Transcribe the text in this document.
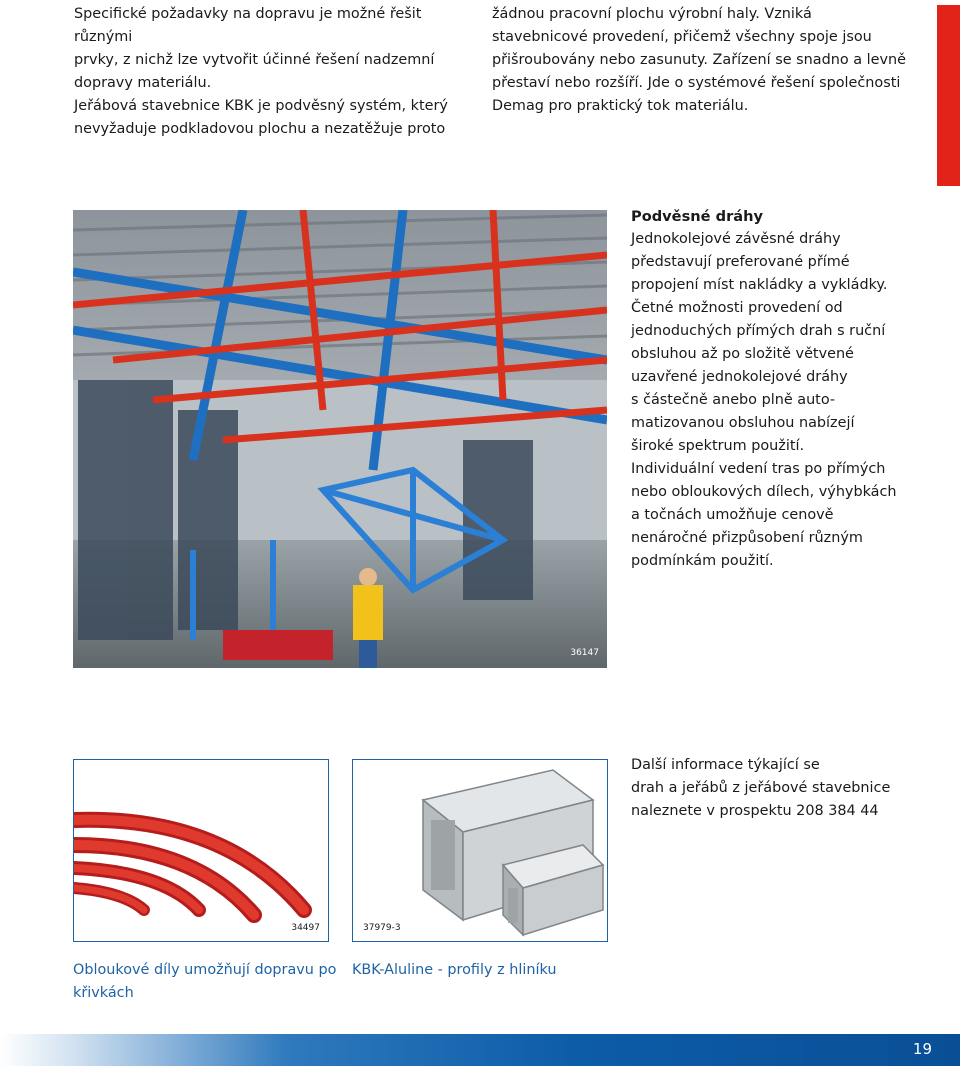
Specifické požadavky na dopravu je možné řešit různými
prvky, z nichž lze vytvořit účinné řešení nadzemní
dopravy materiálu.
Jeřábová stavebnice KBK je podvěsný systém, který
nevyžaduje podkladovou plochu a nezatěžuje proto

žádnou pracovní plochu výrobní haly. Vzniká
stavebnicové provedení, přičemž všechny spoje jsou
přišroubovány nebo zasunuty. Zařízení se snadno a levně
přestaví nebo rozšíří. Jde o systémové řešení společnosti
Demag pro praktický tok materiálu.

36147
Podvěsné dráhy
Jednokolejové závěsné dráhy
představují preferované přímé
propojení míst nakládky a vykládky.
Četné možnosti provedení od
jednoduchých přímých drah s ruční
obsluhou až po složitě větvené
uzavřené jednokolejové dráhy
s částečně anebo plně auto-
matizovanou obsluhou nabízejí
široké spektrum použití.
Individuální vedení tras po přímých
nebo obloukových dílech, výhybkách
a točnách umožňuje cenově
nenáročné přizpůsobení různým
podmínkám použití.
34497	37979-3
Další informace týkající se
drah a jeřábů z jeřábové stavebnice
naleznete v prospektu 208 384 44
Obloukové díly umožňují dopravu po
křivkách
KBK-Aluline - profily z hliníku
19
